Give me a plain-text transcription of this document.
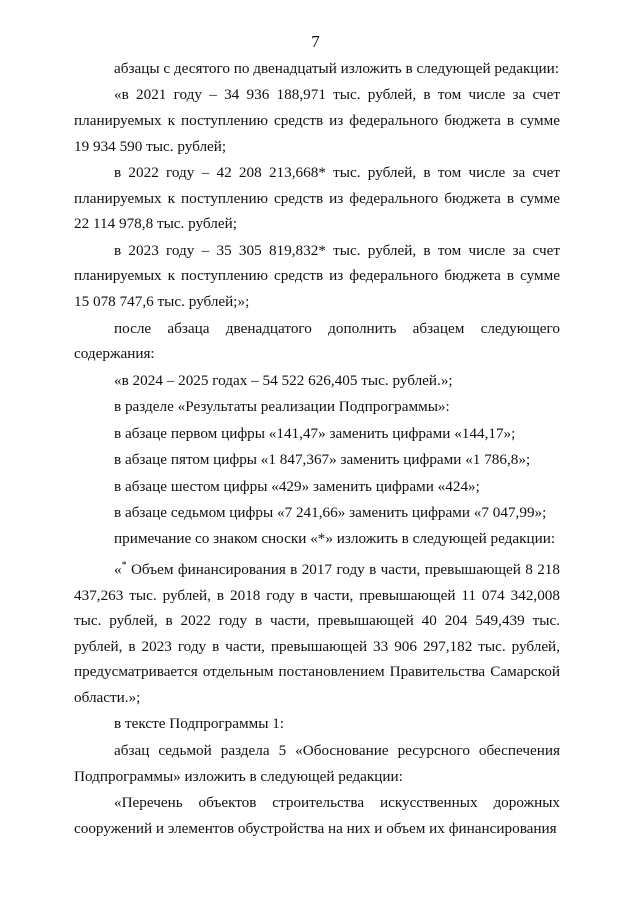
7

абзацы с десятого по двенадцатый изложить в следующей редакции:

«в 2021 году – 34 936 188,971 тыс. рублей, в том числе за счет планируемых к поступлению средств из федерального бюджета в сумме 19 934 590 тыс. рублей;

в 2022 году – 42 208 213,668* тыс. рублей, в том числе за счет планируемых к поступлению средств из федерального бюджета в сумме 22 114 978,8 тыс. рублей;

в 2023 году – 35 305 819,832* тыс. рублей, в том числе за счет планируемых к поступлению средств из федерального бюджета в сумме 15 078 747,6 тыс. рублей;»;

после абзаца двенадцатого дополнить абзацем следующего содержания:

«в 2024 – 2025 годах – 54 522 626,405 тыс. рублей.»;

в разделе «Результаты реализации Подпрограммы»:

в абзаце первом цифры «141,47» заменить цифрами «144,17»;

в абзаце пятом цифры «1 847,367» заменить цифрами «1 786,8»;

в абзаце шестом цифры «429» заменить цифрами «424»;

в абзаце седьмом цифры «7 241,66» заменить цифрами «7 047,99»;

примечание со знаком сноски «*» изложить в следующей редакции:

«* Объем финансирования в 2017 году в части, превышающей 8 218 437,263 тыс. рублей, в 2018 году в части, превышающей 11 074 342,008 тыс. рублей, в 2022 году в части, превышающей 40 204 549,439 тыс. рублей, в 2023 году в части, превышающей 33 906 297,182 тыс. рублей, предусматривается отдельным постановлением Правительства Самарской области.»;

в тексте Подпрограммы 1:

абзац седьмой раздела 5 «Обоснование ресурсного обеспечения Подпрограммы» изложить в следующей редакции:

«Перечень объектов строительства искусственных дорожных сооружений и элементов обустройства на них и объем их финансирования
